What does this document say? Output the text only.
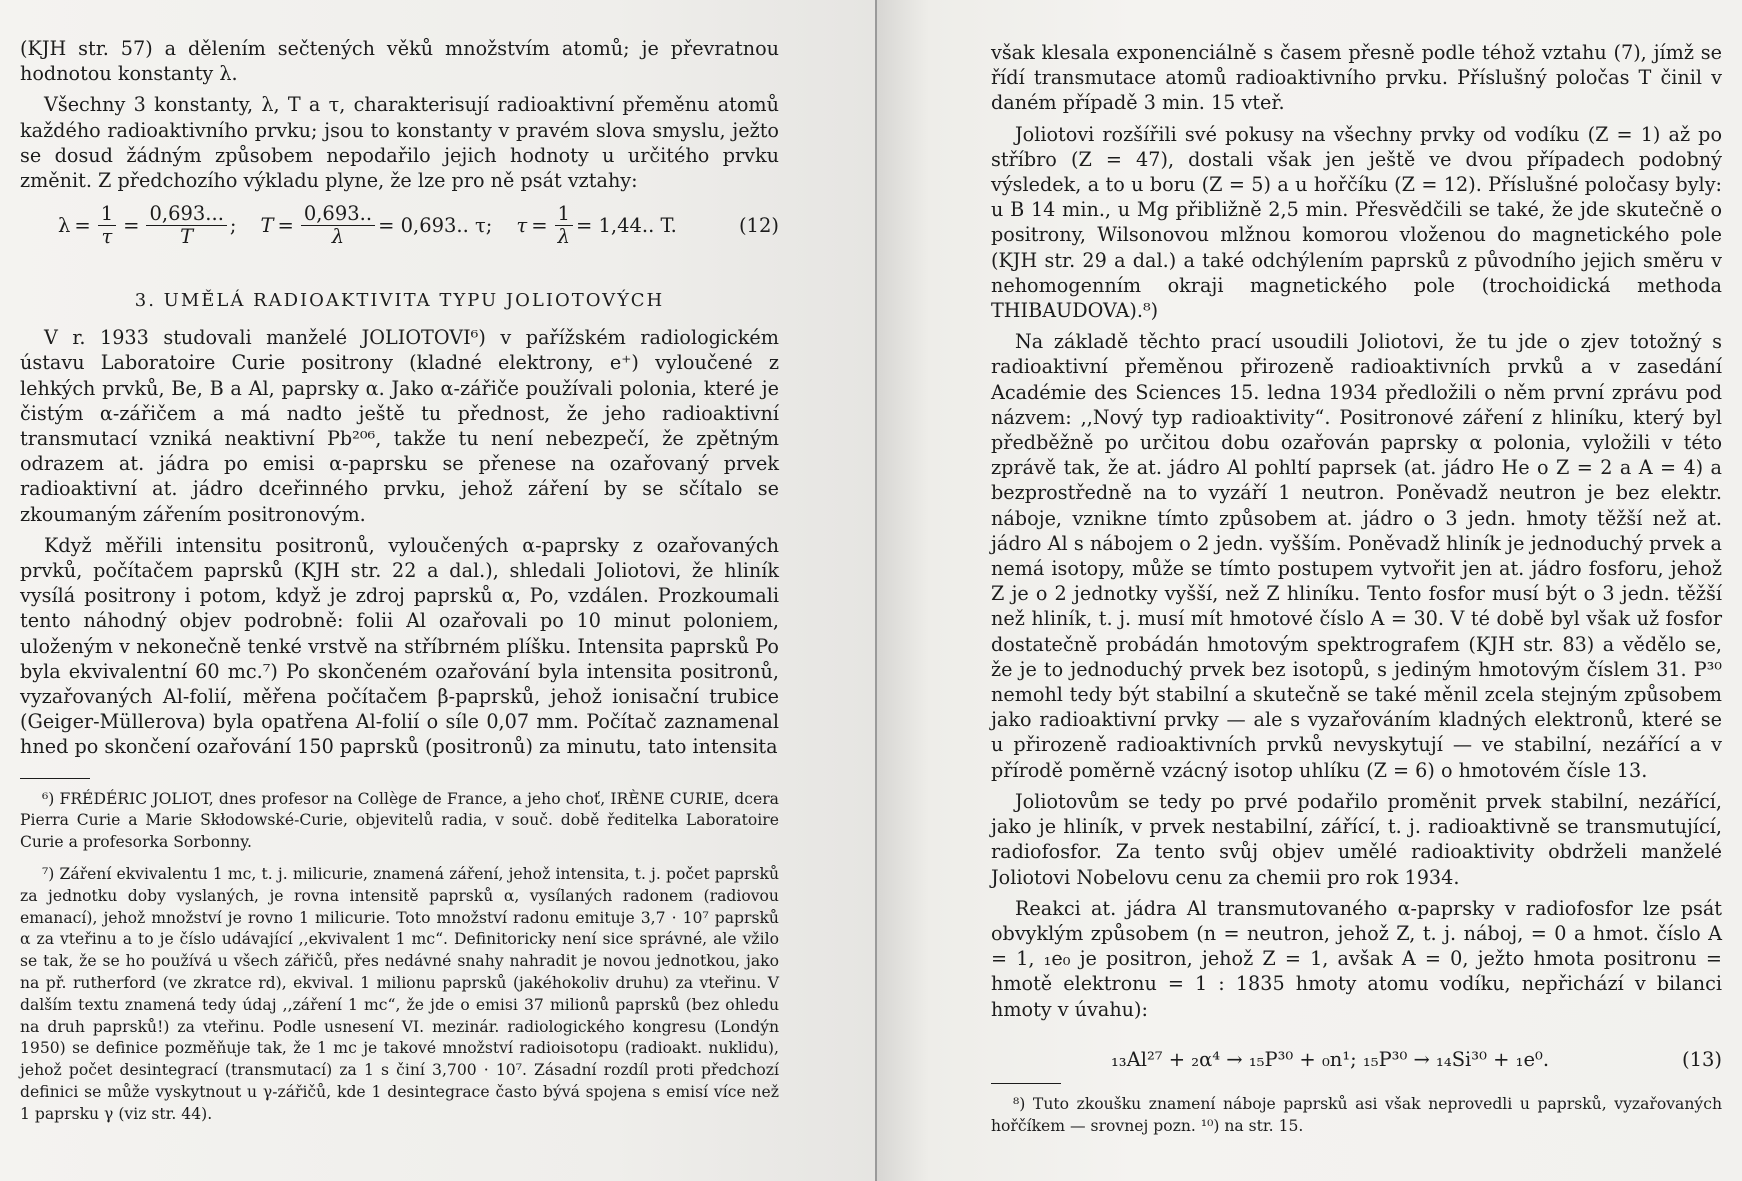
(KJH str. 57) a dělením sečtených věků množstvím atomů; je převratnou hodnotou konstanty λ.

Všechny 3 konstanty, λ, T a τ, charakterisují radioaktivní přeměnu atomů každého radioaktivního prvku; jsou to konstanty v pravém slova smyslu, ježto se dosud žádným způsobem nepodařilo jejich hodnoty u určitého prvku změnit. Z předchozího výkladu plyne, že lze pro ně psát vztahy:

$\lambda = \frac{1}{\tau} = \frac{0,693...}{T}$ ; $T = \frac{0,693..}{\lambda} = 0,693$.. τ; $\tau = \frac{1}{\lambda} = 1,44$.. T.	(12)
3. UMĚLÁ RADIOAKTIVITA TYPU JOLIOTOVÝCH

V r. 1933 studovali manželé JOLIOTOVI⁶) v pařížském radiologickém ústavu Laboratoire Curie positrony (kladné elektrony, e⁺) vyloučené z lehkých prvků, Be, B a Al, paprsky α. Jako α-zářiče používali polonia, které je čistým α-zářičem a má nadto ještě tu přednost, že jeho radioaktivní transmutací vzniká neaktivní Pb²⁰⁶, takže tu není nebezpečí, že zpětným odrazem at. jádra po emisi α-paprsku se přenese na ozařovaný prvek radioaktivní at. jádro dceřinného prvku, jehož záření by se sčítalo se zkoumaným zářením positronovým.

Když měřili intensitu positronů, vyloučených α-paprsky z ozařovaných prvků, počítačem paprsků (KJH str. 22 a dal.), shledali Joliotovi, že hliník vysílá positrony i potom, když je zdroj paprsků α, Po, vzdálen. Prozkoumali tento náhodný objev podrobně: folii Al ozařovali po 10 minut poloniem, uloženým v nekonečně tenké vrstvě na stříbrném plíšku. Intensita paprsků Po byla ekvivalentní 60 mc.⁷) Po skončeném ozařování byla intensita positronů, vyzařovaných Al-folií, měřena počítačem β-paprsků, jehož ionisační trubice (Geiger-Müllerova) byla opatřena Al-folií o síle 0,07 mm. Počítač zaznamenal hned po skončení ozařování 150 paprsků (positronů) za minutu, tato intensita

⁶) FRÉDÉRIC JOLIOT, dnes profesor na Collège de France, a jeho choť, IRÈNE CURIE, dcera Pierra Curie a Marie Skłodowské-Curie, objevitelů radia, v souč. době ředitelka Laboratoire Curie a profesorka Sorbonny.

⁷) Záření ekvivalentu 1 mc, t. j. milicurie, znamená záření, jehož intensita, t. j. počet paprsků za jednotku doby vyslaných, je rovna intensitě paprsků α, vysílaných radonem (radiovou emanací), jehož množství je rovno 1 milicurie. Toto množství radonu emituje 3,7 · 10⁷ paprsků α za vteřinu a to je číslo udávající ,,ekvivalent 1 mc“. Definitoricky není sice správné, ale vžilo se tak, že se ho používá u všech zářičů, přes nedávné snahy nahradit je novou jednotkou, jako na př. rutherford (ve zkratce rd), ekvival. 1 milionu paprsků (jakéhokoliv druhu) za vteřinu. V dalším textu znamená tedy údaj ,,záření 1 mc“, že jde o emisi 37 milionů paprsků (bez ohledu na druh paprsků!) za vteřinu. Podle usnesení VI. mezinár. radiologického kongresu (Londýn 1950) se definice pozměňuje tak, že 1 mc je takové množství radioisotopu (radioakt. nuklidu), jehož počet desintegrací (transmutací) za 1 s činí 3,700 · 10⁷. Zásadní rozdíl proti předchozí definici se může vyskytnout u γ-zářičů, kde 1 desintegrace často bývá spojena s emisí více než 1 paprsku γ (viz str. 44).

však klesala exponenciálně s časem přesně podle téhož vztahu (7), jímž se řídí transmutace atomů radioaktivního prvku. Příslušný poločas T činil v daném případě 3 min. 15 vteř.

Joliotovi rozšířili své pokusy na všechny prvky od vodíku (Z = 1) až po stříbro (Z = 47), dostali však jen ještě ve dvou případech podobný výsledek, a to u boru (Z = 5) a u hořčíku (Z = 12). Příslušné poločasy byly: u B 14 min., u Mg přibližně 2,5 min. Přesvědčili se také, že jde skutečně o positrony, Wilsonovou mlžnou komorou vloženou do magnetického pole (KJH str. 29 a dal.) a také odchýlením paprsků z původního jejich směru v nehomogenním okraji magnetického pole (trochoidická methoda THIBAUDOVA).⁸)

Na základě těchto prací usoudili Joliotovi, že tu jde o zjev totožný s radioaktivní přeměnou přirozeně radioaktivních prvků a v zasedání Académie des Sciences 15. ledna 1934 předložili o něm první zprávu pod názvem: ,,Nový typ radioaktivity“. Positronové záření z hliníku, který byl předběžně po určitou dobu ozařován paprsky α polonia, vyložili v této zprávě tak, že at. jádro Al pohltí paprsek (at. jádro He o Z = 2 a A = 4) a bezprostředně na to vyzáří 1 neutron. Poněvadž neutron je bez elektr. náboje, vznikne tímto způsobem at. jádro o 3 jedn. hmoty těžší než at. jádro Al s nábojem o 2 jedn. vyšším. Poněvadž hliník je jednoduchý prvek a nemá isotopy, může se tímto postupem vytvořit jen at. jádro fosforu, jehož Z je o 2 jednotky vyšší, než Z hliníku. Tento fosfor musí být o 3 jedn. těžší než hliník, t. j. musí mít hmotové číslo A = 30. V té době byl však už fosfor dostatečně probádán hmotovým spektrografem (KJH str. 83) a vědělo se, že je to jednoduchý prvek bez isotopů, s jediným hmotovým číslem 31. P³⁰ nemohl tedy být stabilní a skutečně se také měnil zcela stejným způsobem jako radioaktivní prvky — ale s vyzařováním kladných elektronů, které se u přirozeně radioaktivních prvků nevyskytují — ve stabilní, nezářící a v přírodě poměrně vzácný isotop uhlíku (Z = 6) o hmotovém čísle 13.

Joliotovům se tedy po prvé podařilo proměnit prvek stabilní, nezářící, jako je hliník, v prvek nestabilní, zářící, t. j. radioaktivně se transmutující, radiofosfor. Za tento svůj objev umělé radioaktivity obdrželi manželé Joliotovi Nobelovu cenu za chemii pro rok 1934.

Reakci at. jádra Al transmutovaného α-paprsky v radiofosfor lze psát obvyklým způsobem (n = neutron, jehož Z, t. j. náboj, = 0 a hmot. číslo A = 1, ₁e₀ je positron, jehož Z = 1, avšak A = 0, ježto hmota positronu = hmotě elektronu = 1 : 1835 hmoty atomu vodíku, nepřichází v bilanci hmoty v úvahu):

₁₃Al²⁷ + ₂α⁴ → ₁₅P³⁰ + ₀n¹; ₁₅P³⁰ → ₁₄Si³⁰ + ₁e⁰.	(13)

⁸) Tuto zkoušku znamení náboje paprsků asi však neprovedli u paprsků, vyzařovaných hořčíkem — srovnej pozn. ¹⁰) na str. 15.
